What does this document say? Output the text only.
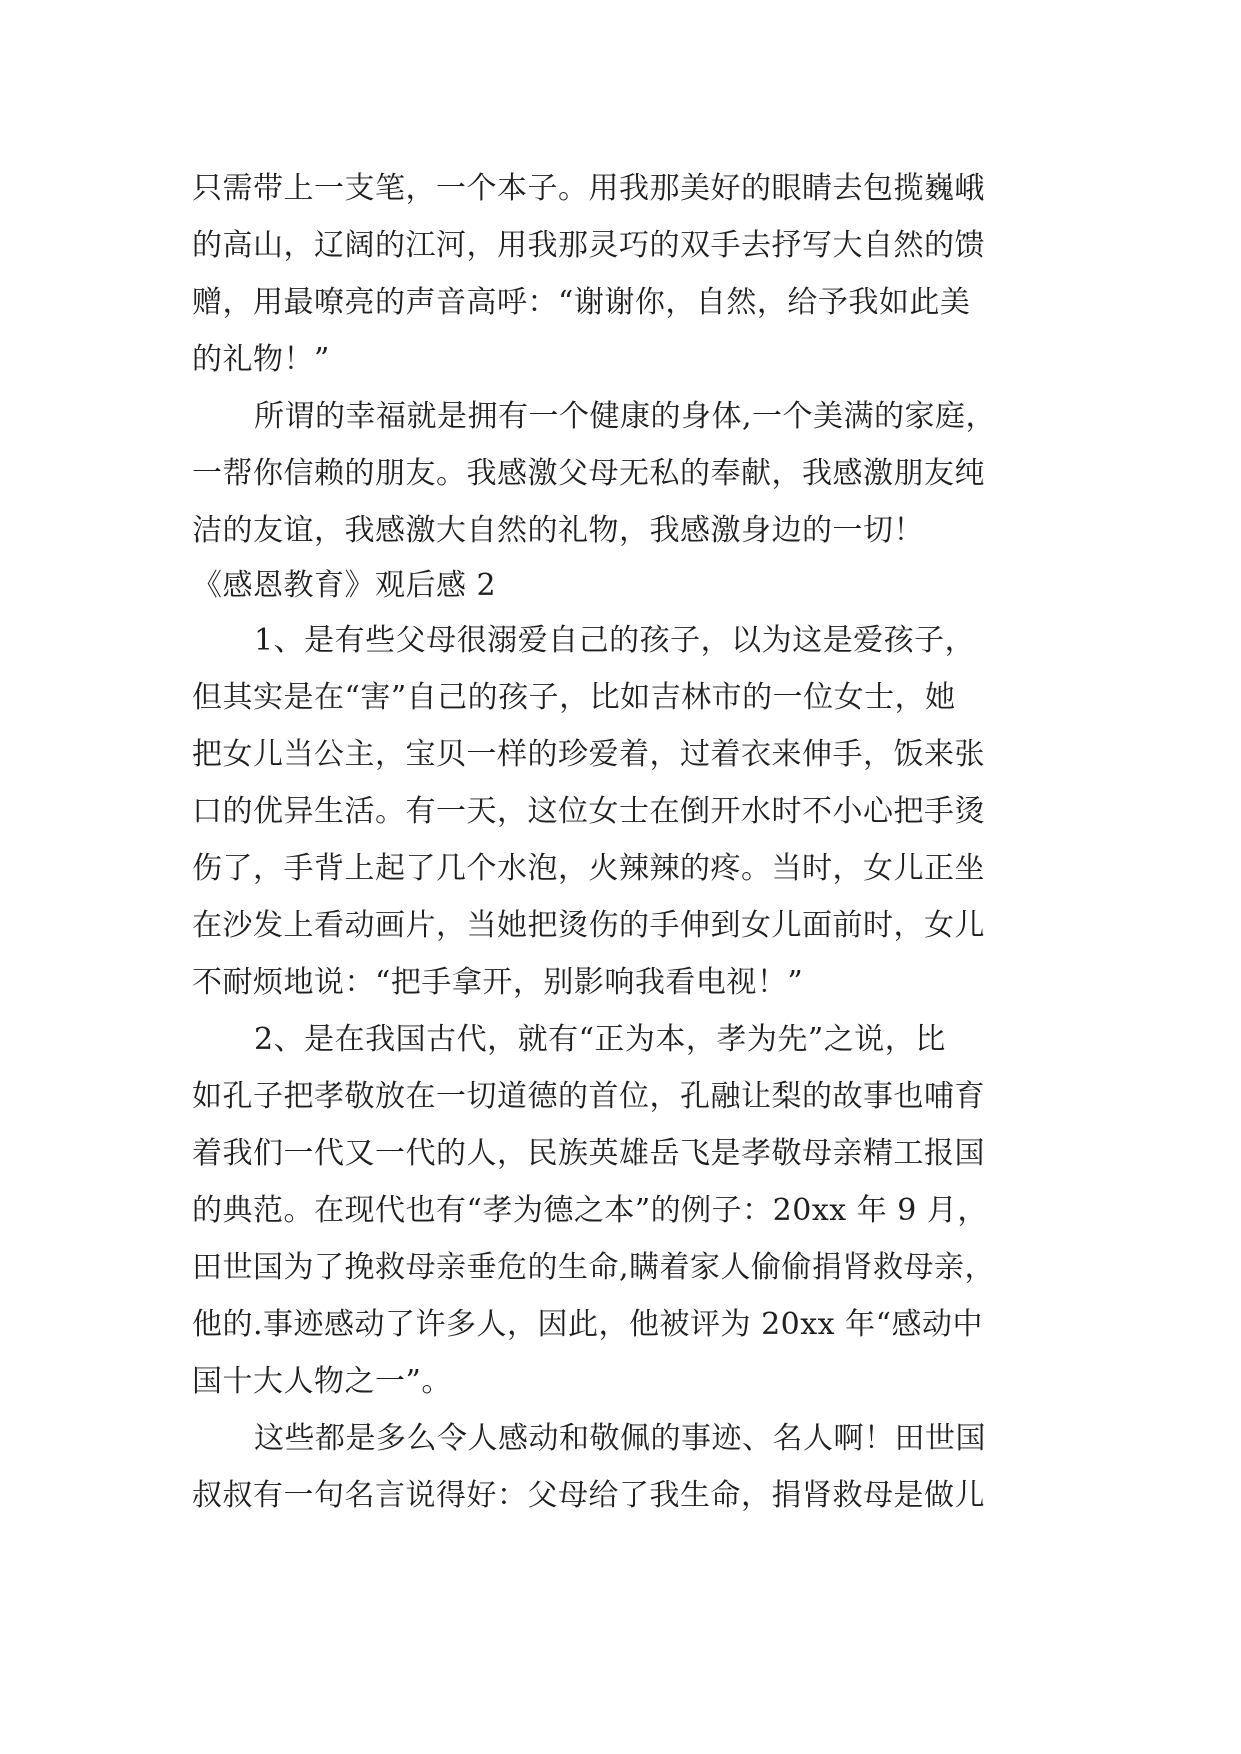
只需带上一支笔，一个本子。用我那美好的眼睛去包揽巍峨
的高山，辽阔的江河，用我那灵巧的双手去抒写大自然的馈
赠，用最嘹亮的声音高呼：“谢谢你，自然，给予我如此美
的礼物！”
所谓的幸福就是拥有一个健康的身体,一个美满的家庭，
一帮你信赖的朋友。我感激父母无私的奉献，我感激朋友纯
洁的友谊，我感激大自然的礼物，我感激身边的一切！
《感恩教育》观后感 2
1、是有些父母很溺爱自己的孩子，以为这是爱孩子，
但其实是在“害”自己的孩子，比如吉林市的一位女士，她
把女儿当公主，宝贝一样的珍爱着，过着衣来伸手，饭来张
口的优异生活。有一天，这位女士在倒开水时不小心把手烫
伤了，手背上起了几个水泡，火辣辣的疼。当时，女儿正坐
在沙发上看动画片，当她把烫伤的手伸到女儿面前时，女儿
不耐烦地说：“把手拿开，别影响我看电视！”
2、是在我国古代，就有“正为本，孝为先”之说，比
如孔子把孝敬放在一切道德的首位，孔融让梨的故事也哺育
着我们一代又一代的人，民族英雄岳飞是孝敬母亲精工报国
的典范。在现代也有“孝为德之本”的例子：20xx 年 9 月，
田世国为了挽救母亲垂危的生命,瞒着家人偷偷捐肾救母亲，
他的.事迹感动了许多人，因此，他被评为 20xx 年“感动中
国十大人物之一”。
这些都是多么令人感动和敬佩的事迹、名人啊！田世国
叔叔有一句名言说得好：父母给了我生命，捐肾救母是做儿
